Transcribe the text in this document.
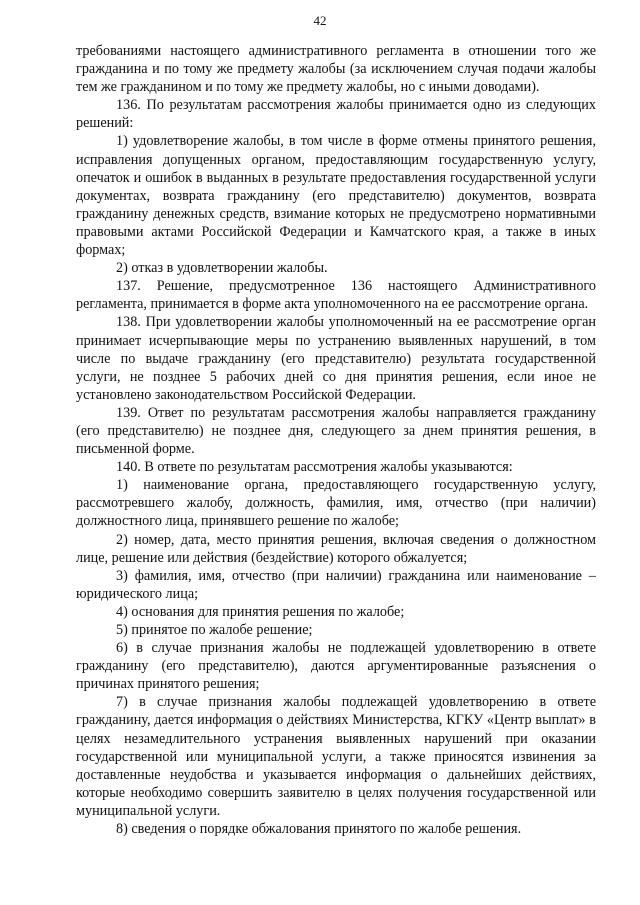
42

требованиями настоящего административного регламента в отношении того же гражданина и по тому же предмету жалобы (за исключением случая подачи жалобы тем же гражданином и по тому же предмету жалобы, но с иными доводами).

136. По результатам рассмотрения жалобы принимается одно из следующих решений:

1) удовлетворение жалобы, в том числе в форме отмены принятого решения, исправления допущенных органом, предоставляющим государственную услугу, опечаток и ошибок в выданных в результате предоставления государственной услуги документах, возврата гражданину (его представителю) документов, возврата гражданину денежных средств, взимание которых не предусмотрено нормативными правовыми актами Российской Федерации и Камчатского края, а также в иных формах;

2) отказ в удовлетворении жалобы.

137. Решение, предусмотренное 136 настоящего Административного регламента, принимается в форме акта уполномоченного на ее рассмотрение органа.

138. При удовлетворении жалобы уполномоченный на ее рассмотрение орган принимает исчерпывающие меры по устранению выявленных нарушений, в том числе по выдаче гражданину (его представителю) результата государственной услуги, не позднее 5 рабочих дней со дня принятия решения, если иное не установлено законодательством Российской Федерации.

139. Ответ по результатам рассмотрения жалобы направляется гражданину (его представителю) не позднее дня, следующего за днем принятия решения, в письменной форме.

140. В ответе по результатам рассмотрения жалобы указываются:

1) наименование органа, предоставляющего государственную услугу, рассмотревшего жалобу, должность, фамилия, имя, отчество (при наличии) должностного лица, принявшего решение по жалобе;

2) номер, дата, место принятия решения, включая сведения о должностном лице, решение или действия (бездействие) которого обжалуется;

3) фамилия, имя, отчество (при наличии) гражданина или наименование – юридического лица;

4) основания для принятия решения по жалобе;

5) принятое по жалобе решение;

6) в случае признания жалобы не подлежащей удовлетворению в ответе гражданину (его представителю), даются аргументированные разъяснения о причинах принятого решения;

7) в случае признания жалобы подлежащей удовлетворению в ответе гражданину, дается информация о действиях Министерства, КГКУ «Центр выплат» в целях незамедлительного устранения выявленных нарушений при оказании государственной или муниципальной услуги, а также приносятся извинения за доставленные неудобства и указывается информация о дальнейших действиях, которые необходимо совершить заявителю в целях получения государственной или муниципальной услуги.

8) сведения о порядке обжалования принятого по жалобе решения.
